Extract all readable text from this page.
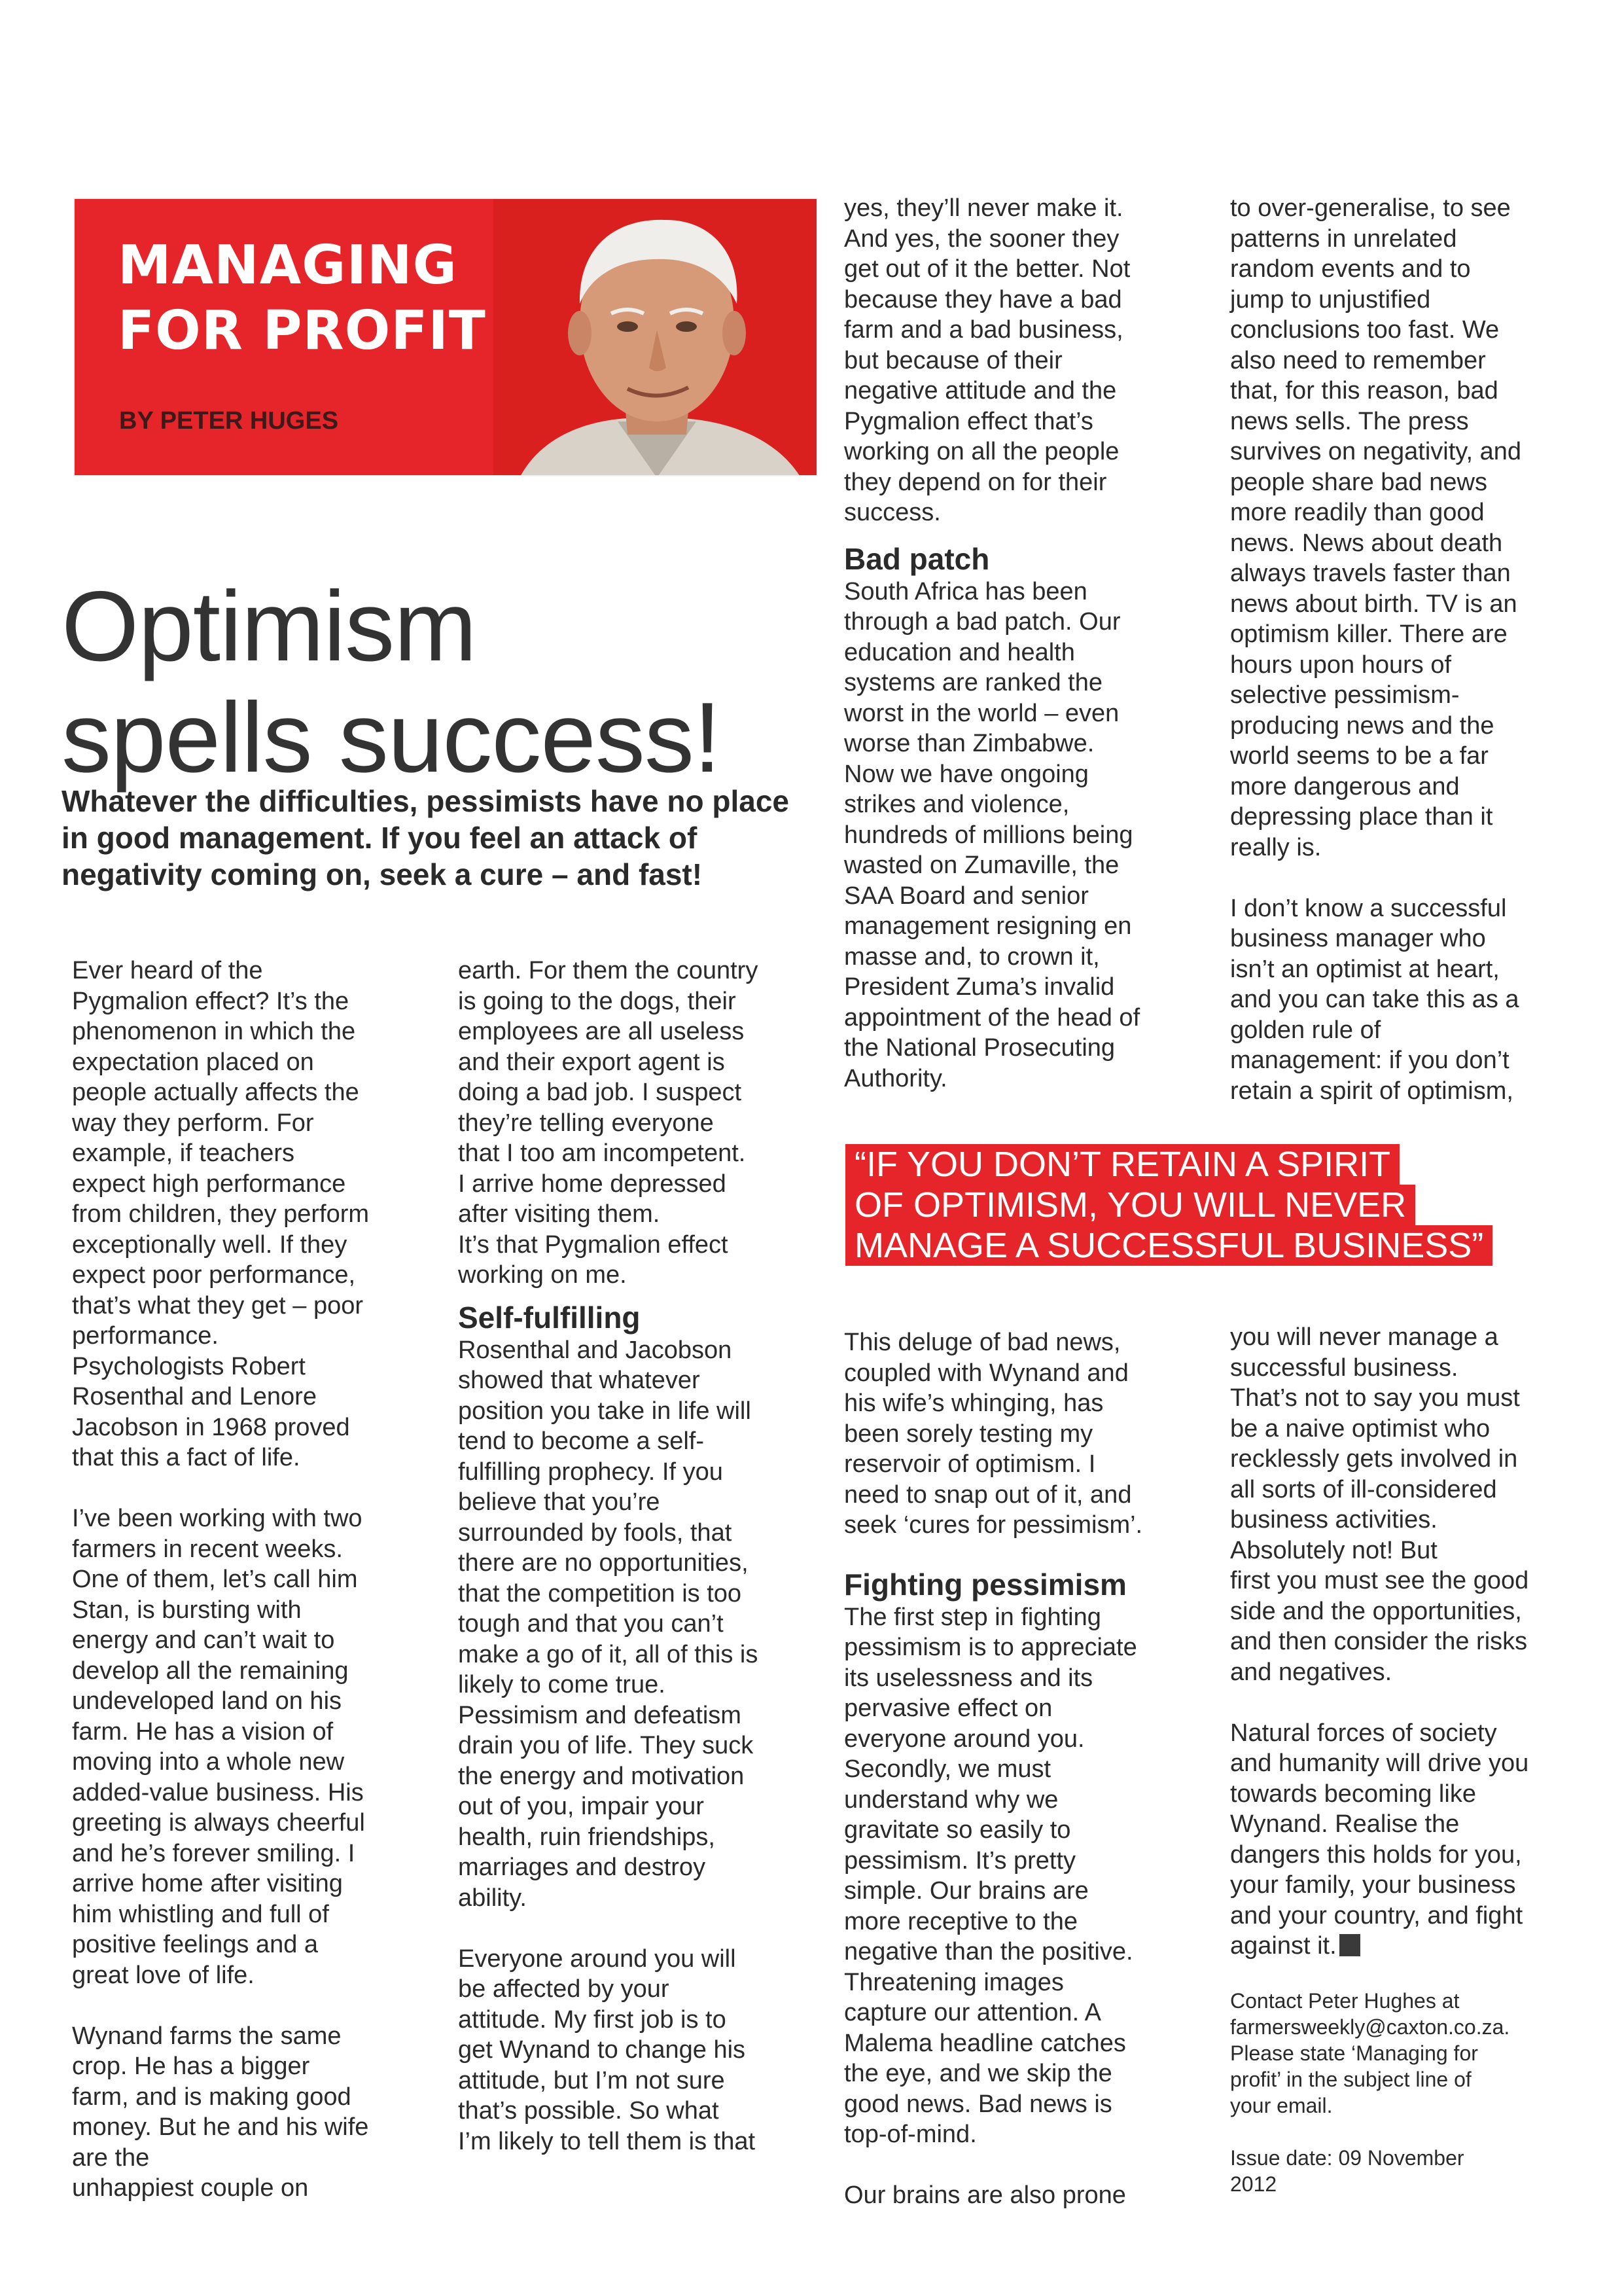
MANAGING
FOR PROFIT
BY PETER HUGES
Optimism
spells success!
Whatever the difficulties, pessimists have no place in good management. If you feel an attack of negativity coming on, seek a cure – and fast!

Ever heard of the
Pygmalion effect? It’s the
phenomenon in which the
expectation placed on
people actually affects the
way they perform. For
example, if teachers
expect high performance
from children, they perform
exceptionally well. If they
expect poor performance,
that’s what they get – poor
performance.
Psychologists Robert
Rosenthal and Lenore
Jacobson in 1968 proved
that this a fact of life.

I’ve been working with two
farmers in recent weeks.
One of them, let’s call him
Stan, is bursting with
energy and can’t wait to
develop all the remaining
undeveloped land on his
farm. He has a vision of
moving into a whole new
added-value business. His
greeting is always cheerful
and he’s forever smiling. I
arrive home after visiting
him whistling and full of
positive feelings and a
great love of life.

Wynand farms the same
crop. He has a bigger
farm, and is making good
money. But he and his wife
are the
unhappiest couple on

earth. For them the country
is going to the dogs, their
employees are all useless
and their export agent is
doing a bad job. I suspect
they’re telling everyone
that I too am incompetent.
I arrive home depressed
after visiting them.
It’s that Pygmalion effect
working on me.

Self-fulfilling

Rosenthal and Jacobson
showed that whatever
position you take in life will
tend to become a self-
fulfilling prophecy. If you
believe that you’re
surrounded by fools, that
there are no opportunities,
that the competition is too
tough and that you can’t
make a go of it, all of this is
likely to come true.
Pessimism and defeatism
drain you of life. They suck
the energy and motivation
out of you, impair your
health, ruin friendships,
marriages and destroy
ability.

Everyone around you will
be affected by your
attitude. My first job is to
get Wynand to change his
attitude, but I’m not sure
that’s possible. So what
I’m likely to tell them is that

yes, they’ll never make it.
And yes, the sooner they
get out of it the better. Not
because they have a bad
farm and a bad business,
but because of their
negative attitude and the
Pygmalion effect that’s
working on all the people
they depend on for their
success.

Bad patch

South Africa has been
through a bad patch. Our
education and health
systems are ranked the
worst in the world – even
worse than Zimbabwe.
Now we have ongoing
strikes and violence,
hundreds of millions being
wasted on Zumaville, the
SAA Board and senior
management resigning en
masse and, to crown it,
President Zuma’s invalid
appointment of the head of
the National Prosecuting
Authority.

to over-generalise, to see
patterns in unrelated
random events and to
jump to unjustified
conclusions too fast. We
also need to remember
that, for this reason, bad
news sells. The press
survives on negativity, and
people share bad news
more readily than good
news. News about death
always travels faster than
news about birth. TV is an
optimism killer. There are
hours upon hours of
selective pessimism-
producing news and the
world seems to be a far
more dangerous and
depressing place than it
really is.

I don’t know a successful
business manager who
isn’t an optimist at heart,
and you can take this as a
golden rule of
management: if you don’t
retain a spirit of optimism,

“IF YOU DON’T RETAIN A SPIRIT
OF OPTIMISM, YOU WILL NEVER
MANAGE A SUCCESSFUL BUSINESS”

This deluge of bad news,
coupled with Wynand and
his wife’s whinging, has
been sorely testing my
reservoir of optimism. I
need to snap out of it, and
seek ‘cures for pessimism’.

Fighting pessimism

The first step in fighting
pessimism is to appreciate
its uselessness and its
pervasive effect on
everyone around you.
Secondly, we must
understand why we
gravitate so easily to
pessimism. It’s pretty
simple. Our brains are
more receptive to the
negative than the positive.
Threatening images
capture our attention. A
Malema headline catches
the eye, and we skip the
good news. Bad news is
top-of-mind.

Our brains are also prone

you will never manage a
successful business.
That’s not to say you must
be a naive optimist who
recklessly gets involved in
all sorts of ill-considered
business activities.
Absolutely not! But
first you must see the good
side and the opportunities,
and then consider the risks
and negatives.

Natural forces of society
and humanity will drive you
towards becoming like
Wynand. Realise the
dangers this holds for you,
your family, your business
and your country, and fight
against it.

Contact Peter Hughes at
farmersweekly@caxton.co.za.
Please state ‘Managing for
profit’ in the subject line of
your email.

Issue date: 09 November
2012
